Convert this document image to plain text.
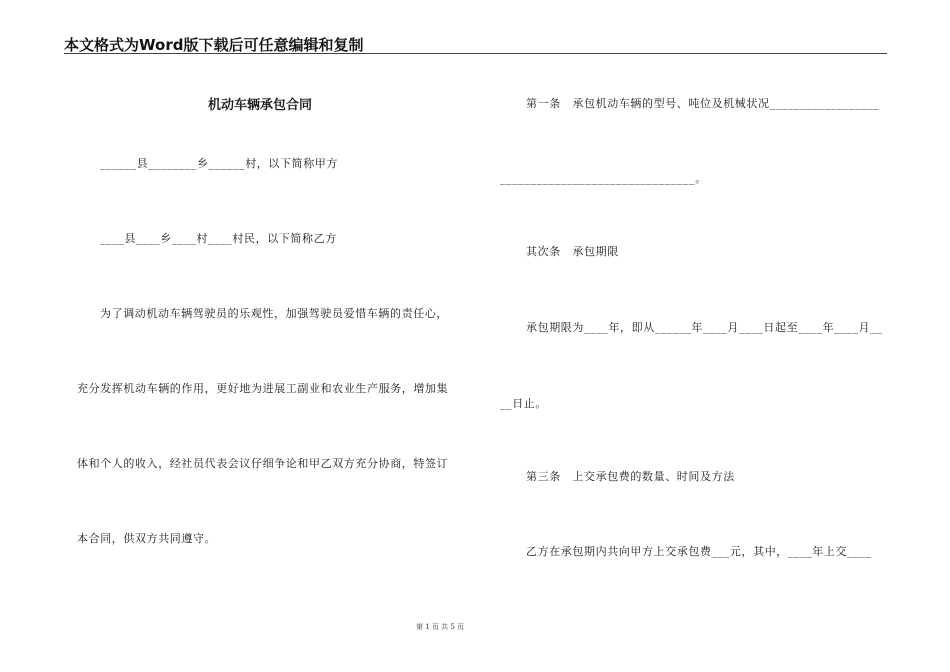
本文格式为Word版下载后可任意编辑和复制
机动车辆承包合同
______县________乡______村，以下简称甲方
____县____乡____村____村民，以下简称乙方
为了调动机动车辆驾驶员的乐观性，加强驾驶员爱惜车辆的责任心，
充分发挥机动车辆的作用，更好地为进展工副业和农业生产服务，增加集
体和个人的收入，经社员代表会议仔细争论和甲乙双方充分协商，特签订
本合同，供双方共同遵守。
第一条　承包机动车辆的型号、吨位及机械状况__________________
________________________________。
其次条　承包期限
承包期限为____年，即从______年____月____日起至____年____月__
__日止。
第三条　上交承包费的数量、时间及方法
乙方在承包期内共向甲方上交承包费___元，其中，____年上交____
第 1 页 共 5 页
